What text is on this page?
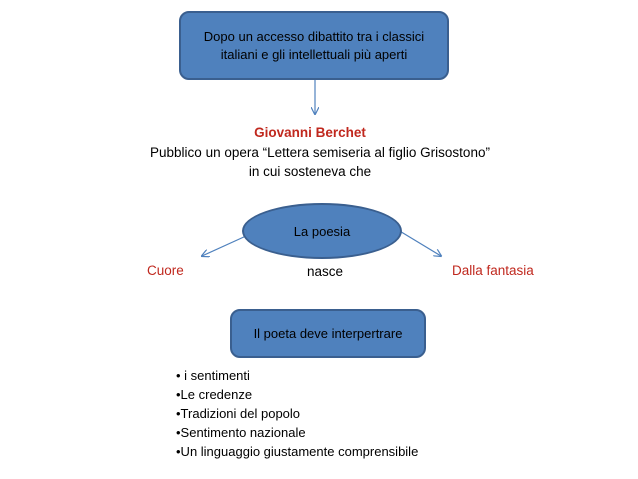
Dopo un accesso dibattito tra i classici
italiani e gli intellettuali più aperti
Giovanni Berchet
Pubblico un opera “Lettera semiseria al figlio Grisostono”
in cui sosteneva che
La poesia
Cuore	nasce	Dalla fantasia
Il poeta deve interpertrare
• i sentimenti
•Le credenze
•Tradizioni del popolo
•Sentimento nazionale
•Un linguaggio giustamente comprensibile
